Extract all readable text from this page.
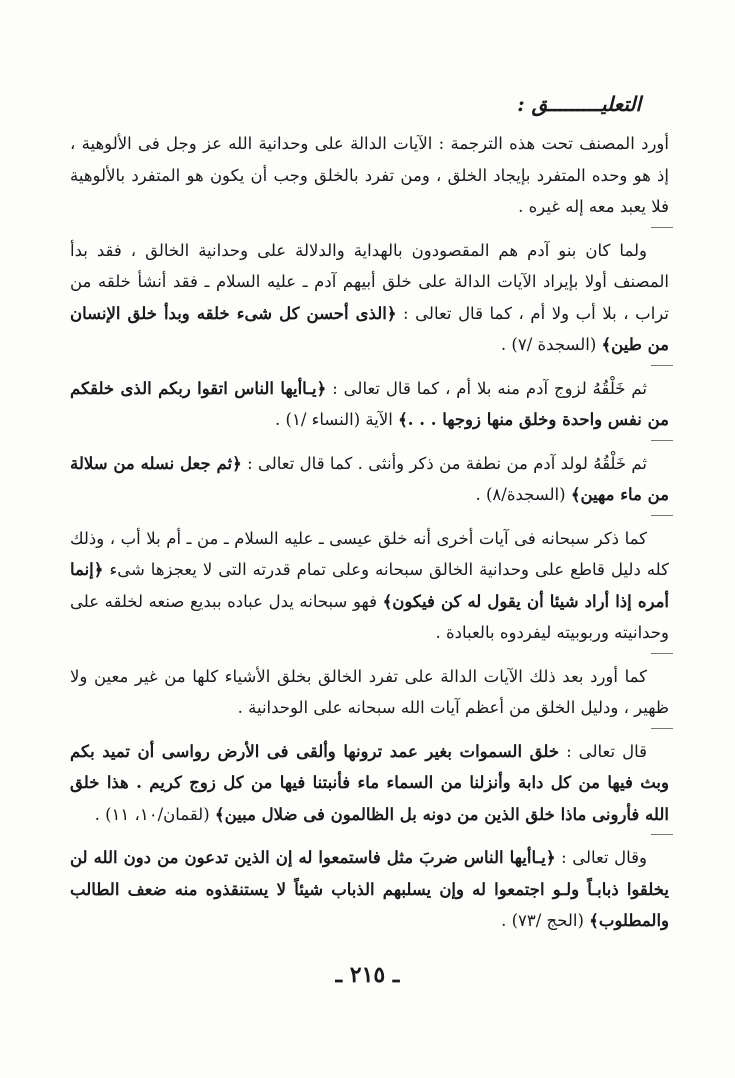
التعليـــــــــق :

أورد المصنف تحت هذه الترجمة : الآيات الدالة على وحدانية الله عز وجل فى الألوهية ، إذ هو وحده المتفرد بإيجاد الخلق ، ومن تفرد بالخلق وجب أن يكون هو المتفرد بالألوهية فلا يعبد معه إله غيره .

ولما كان بنو آدم هم المقصودون بالهداية والدلالة على وحدانية الخالق ، فقد بدأ المصنف أولا بإيراد الآيات الدالة على خلق أبيهم آدم ـ عليه السلام ـ فقد أنشأ خلقه من تراب ، بلا أب ولا أم ، كما قال تعالى : ﴿الذى أحسن كل شىء خلقه وبدأ خلق الإنسان من طين﴾ (السجدة /٧) .

ثم خَلْقُهُ لزوج آدم منه بلا أم ، كما قال تعالى : ﴿يـاأيها الناس اتقوا ربكم الذى خلقكم من نفس واحدة وخلق منها زوجها . . .﴾ الآية (النساء /١) .

ثم خَلْقُهُ لولد آدم من نطفة من ذكر وأنثى . كما قال تعالى : ﴿ثم جعل نسله من سلالة من ماء مهين﴾ (السجدة/٨) .

كما ذكر سبحانه فى آيات أخرى أنه خلق عيسى ـ عليه السلام ـ من ـ أم بلا أب ، وذلك كله دليل قاطع على وحدانية الخالق سبحانه وعلى تمام قدرته التى لا يعجزها شىء ﴿إنما أمره إذا أراد شيئا أن يقول له كن فيكون﴾ فهو سبحانه يدل عباده ببديع صنعه لخلقه على وحدانيته وربوبيته ليفردوه بالعبادة .

كما أورد بعد ذلك الآيات الدالة على تفرد الخالق بخلق الأشياء كلها من غير معين ولا ظهير ، ودليل الخلق من أعظم آيات الله سبحانه على الوحدانية .

قال تعالى : خلق السموات بغير عمد ترونها وألقى فى الأرض رواسى أن تميد بكم وبث فيها من كل دابة وأنزلنا من السماء ماء فأنبتنا فيها من كل زوج كريم . هذا خلق الله فأرونى ماذا خلق الذين من دونه بل الظالمون فى ضلال مبين﴾ (لقمان/١٠، ١١) .

وقال تعالى : ﴿يـاأيها الناس ضربَ مثل فاستمعوا له إن الذين تدعون من دون الله لن يخلقوا ذبابـاً ولـو اجتمعوا له وإن يسلبهم الذباب شيئاً لا يستنقذوه منه ضعف الطالب والمطلوب﴾ (الحج /٧٣) .

ـ ٢١٥ ـ
